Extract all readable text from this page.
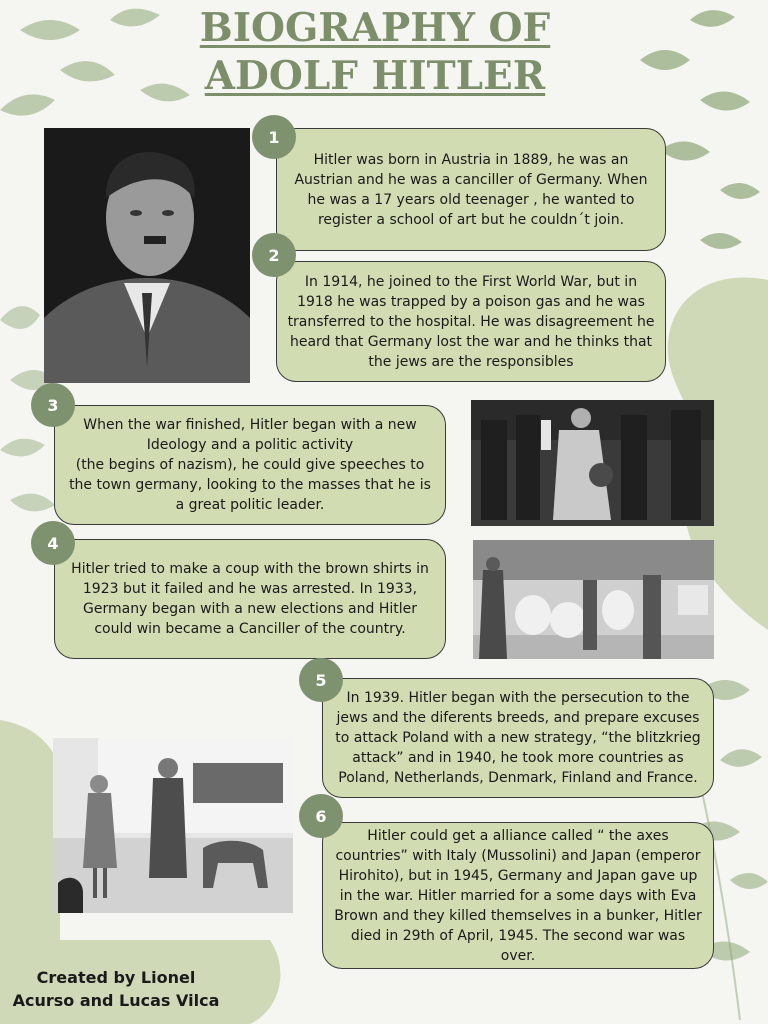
BIOGRAPHY OF
ADOLF HITLER
Hitler was born in Austria in 1889, he was an Austrian and he was a canciller of Germany. When he was a 17 years old teenager , he wanted to register a school of art but he couldn´t join.
1
In 1914, he joined to the First World War, but in 1918 he was trapped by a poison gas and he was transferred to the hospital. He was disagreement he heard that Germany lost the war and he thinks that the jews are the responsibles
2
When the war finished, Hitler began with a new Ideology and a politic activity
(the begins of nazism), he could give speeches to the town germany, looking to the masses that he is a great politic leader.
3
Hitler tried to make a coup with the brown shirts in 1923 but it failed and he was arrested. In 1933, Germany began with a new elections and Hitler could win became a Canciller of the country.
4
In 1939. Hitler began with the persecution to the jews and the diferents breeds, and prepare excuses to attack Poland with a new strategy, “the blitzkrieg attack” and in 1940, he took more countries as Poland, Netherlands, Denmark, Finland and France.
5
Hitler could get a alliance called “ the axes countries” with Italy (Mussolini) and Japan (emperor Hirohito), but in 1945, Germany and Japan gave up in the war. Hitler married for a some days with Eva Brown and they killed themselves in a bunker, Hitler died in 29th of April, 1945. The second war was over.
6
Created by Lionel
Acurso and Lucas Vilca
